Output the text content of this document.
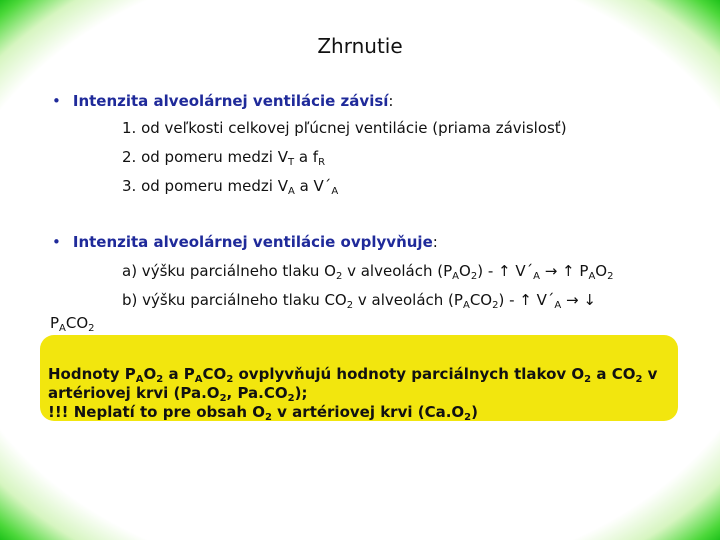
Zhrnutie
• Intenzita alveolárnej ventilácie závisí:
1. od veľkosti celkovej pľúcnej ventilácie (priama závislosť)
2. od pomeru medzi $V_T$ a $f_R$
3. od pomeru medzi $V_A$ a $V´_A$
• Intenzita alveolárnej ventilácie ovplyvňuje:
a) výšku parciálneho tlaku $O_2$ v alveolách $(P_AO_2)$ - ↑ $V´_A$ → ↑ $P_AO_2$
b) výšku parciálneho tlaku $CO_2$ v alveolách $(P_ACO_2)$ - ↑ $V´_A$ → ↓
$P_ACO_2$
Hodnoty $P_AO_2$ a $P_ACO_2$ ovplyvňujú hodnoty parciálnych tlakov $O_2$ a $CO_2$ v
artériovej krvi ($Pa.O_2$, $Pa.CO_2$);
!!! Neplatí to pre obsah $O_2$ v artériovej krvi $(Ca.O_2)$
